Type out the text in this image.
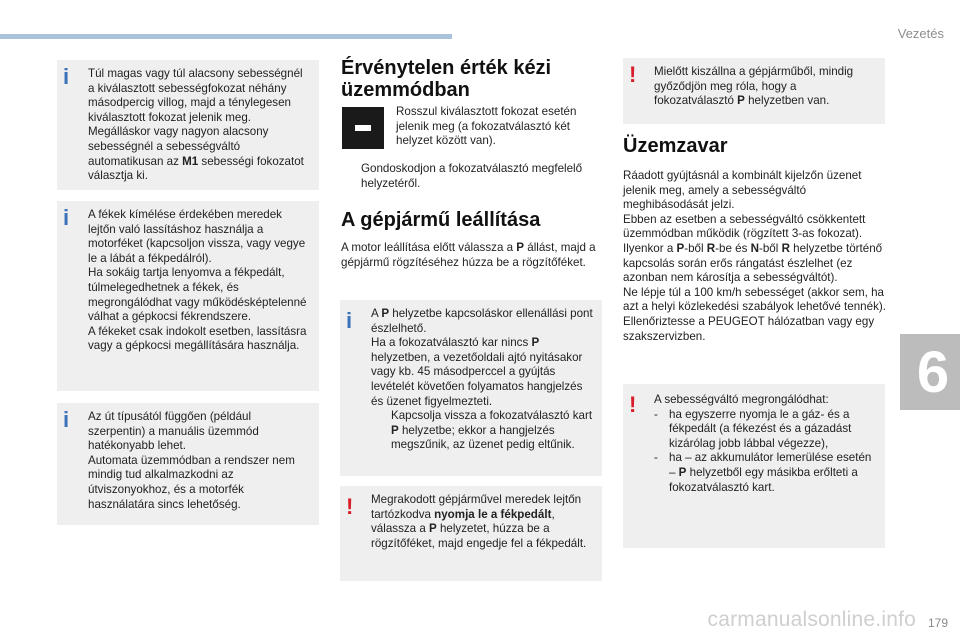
Vezetés
6
i Túl magas vagy túl alacsony sebességnél a kiválasztott sebességfokozat néhány másodpercig villog, majd a ténylegesen kiválasztott fokozat jelenik meg.

Megálláskor vagy nagyon alacsony sebességnél a sebességváltó automatikusan az M1 sebességi fokozatot választja ki.

i A fékek kímélése érdekében meredek lejtőn való lassításhoz használja a motorféket (kapcsoljon vissza, vagy vegye le a lábát a fékpedálról).

Ha sokáig tartja lenyomva a fékpedált, túlmelegedhetnek a fékek, és megrongálódhat vagy működésképtelenné válhat a gépkocsi fékrendszere.

A fékeket csak indokolt esetben, lassításra vagy a gépkocsi megállítására használja.

i Az út típusától függően (például szerpentin) a manuális üzemmód hatékonyabb lehet.

Automata üzemmódban a rendszer nem mindig tud alkalmazkodni az útviszonyokhoz, és a motorfék használatára sincs lehetőség.

Érvénytelen érték kézi
üzemmódban
Rosszul kiválasztott fokozat esetén jelenik meg (a fokozatválasztó két helyzet között van).
Gondoskodjon a fokozatválasztó megfelelő helyzetéről.
A gépjármű leállítása
A motor leállítása előtt válassza a P állást, majd a gépjármű rögzítéséhez húzza be a rögzítőféket.
i A P helyzetbe kapcsoláskor ellenállási pont észlelhető.

Ha a fokozatválasztó kar nincs P helyzetben, a vezetőoldali ajtó nyitásakor vagy kb. 45 másodperccel a gyújtás levételét követően folyamatos hangjelzés és üzenet figyelmezteti.

Kapcsolja vissza a fokozatválasztó kart P helyzetbe; ekkor a hangjelzés megszűnik, az üzenet pedig eltűnik.
! Megrakodott gépjárművel meredek lejtőn tartózkodva nyomja le a fékpedált, válassza a P helyzetet, húzza be a rögzítőféket, majd engedje fel a fékpedált.

! Mielőtt kiszállna a gépjárműből, mindig győződjön meg róla, hogy a fokozatválasztó P helyzetben van.

Üzemzavar

Ráadott gyújtásnál a kombinált kijelzőn üzenet jelenik meg, amely a sebességváltó meghibásodását jelzi.

Ebben az esetben a sebességváltó csökkentett üzemmódban működik (rögzített 3-as fokozat).

Ilyenkor a P-ből R-be és N-ből R helyzetbe történő kapcsolás során erős rángatást észlelhet (ez azonban nem károsítja a sebességváltót).

Ne lépje túl a 100 km/h sebességet (akkor sem, ha azt a helyi közlekedési szabályok lehetővé tennék).

Ellenőriztesse a PEUGEOT hálózatban vagy egy szakszervizben.

! A sebességváltó megrongálódhat:

- ha egyszerre nyomja le a gáz- és a fékpedált (a fékezést és a gázadást kizárólag jobb lábbal végezze),
- ha – az akkumulátor lemerülése esetén – P helyzetből egy másikba erőlteti a fokozatválasztó kart.
carmanualsonline.info 179
